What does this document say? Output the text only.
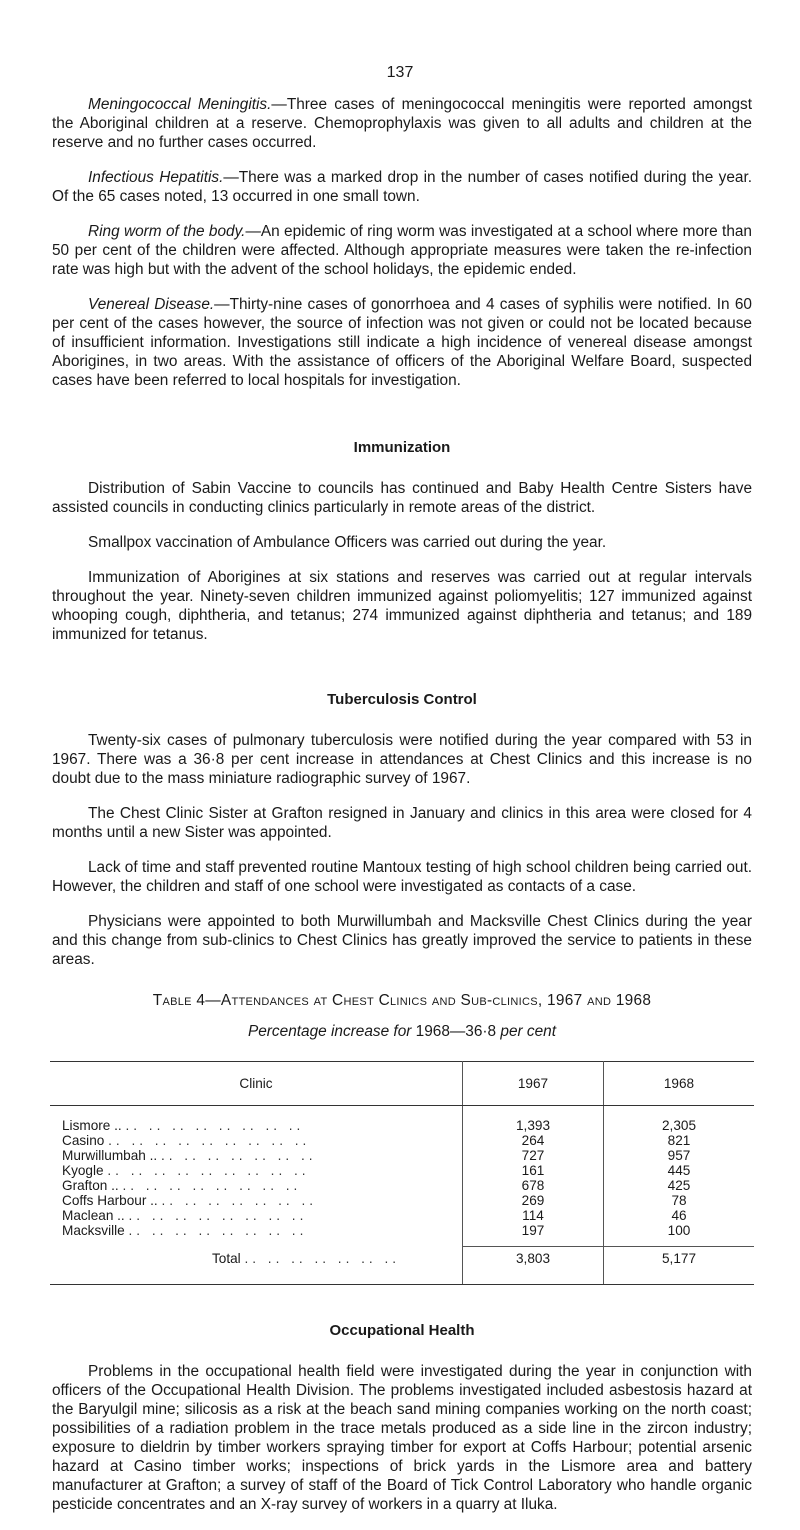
137

Meningococcal Meningitis.—Three cases of meningococcal meningitis were reported amongst the Aboriginal children at a reserve. Chemoprophylaxis was given to all adults and children at the reserve and no further cases occurred.

Infectious Hepatitis.—There was a marked drop in the number of cases notified during the year. Of the 65 cases noted, 13 occurred in one small town.

Ring worm of the body.—An epidemic of ring worm was investigated at a school where more than 50 per cent of the children were affected. Although appropriate measures were taken the re-infection rate was high but with the advent of the school holidays, the epidemic ended.

Venereal Disease.—Thirty-nine cases of gonorrhoea and 4 cases of syphilis were notified. In 60 per cent of the cases however, the source of infection was not given or could not be located because of insufficient information. Investigations still indicate a high incidence of venereal disease amongst Aborigines, in two areas. With the assistance of officers of the Aboriginal Welfare Board, suspected cases have been referred to local hospitals for investigation.

Immunization

Distribution of Sabin Vaccine to councils has continued and Baby Health Centre Sisters have assisted councils in conducting clinics particularly in remote areas of the district.

Smallpox vaccination of Ambulance Officers was carried out during the year.

Immunization of Aborigines at six stations and reserves was carried out at regular intervals throughout the year. Ninety-seven children immunized against poliomyelitis; 127 immunized against whooping cough, diphtheria, and tetanus; 274 immunized against diphtheria and tetanus; and 189 immunized for tetanus.

Tuberculosis Control

Twenty-six cases of pulmonary tuberculosis were notified during the year compared with 53 in 1967. There was a 36·8 per cent increase in attendances at Chest Clinics and this increase is no doubt due to the mass miniature radiographic survey of 1967.

The Chest Clinic Sister at Grafton resigned in January and clinics in this area were closed for 4 months until a new Sister was appointed.

Lack of time and staff prevented routine Mantoux testing of high school children being carried out. However, the children and staff of one school were investigated as contacts of a case.

Physicians were appointed to both Murwillumbah and Macksville Chest Clinics during the year and this change from sub-clinics to Chest Clinics has greatly improved the service to patients in these areas.

Table 4—Attendances at Chest Clinics and Sub-clinics, 1967 and 1968
Percentage increase for 1968—36·8 per cent
Clinic	1967	1968
Lismore .. .. .. .. .. .. .. .. ..	1,393	2,305
Casino .. .. .. .. .. .. .. .. ..	264	821
Murwillumbah .. .. .. .. .. .. .. ..	727	957
Kyogle .. .. .. .. .. .. .. .. ..	161	445
Grafton .. .. .. .. .. .. .. .. ..	678	425
Coffs Harbour .. .. .. .. .. .. .. ..	269	78
Maclean .. .. .. .. .. .. .. .. ..	114	46
Macksville .. .. .. .. .. .. .. ..	197	100
Total .. .. .. .. .. .. ..	3,803	5,177
Occupational Health

Problems in the occupational health field were investigated during the year in conjunction with officers of the Occupational Health Division. The problems investigated included asbestosis hazard at the Baryulgil mine; silicosis as a risk at the beach sand mining companies working on the north coast; possibilities of a radiation problem in the trace metals produced as a side line in the zircon industry; exposure to dieldrin by timber workers spraying timber for export at Coffs Harbour; potential arsenic hazard at Casino timber works; inspections of brick yards in the Lismore area and battery manufacturer at Grafton; a survey of staff of the Board of Tick Control Laboratory who handle organic pesticide concentrates and an X-ray survey of workers in a quarry at Iluka.
